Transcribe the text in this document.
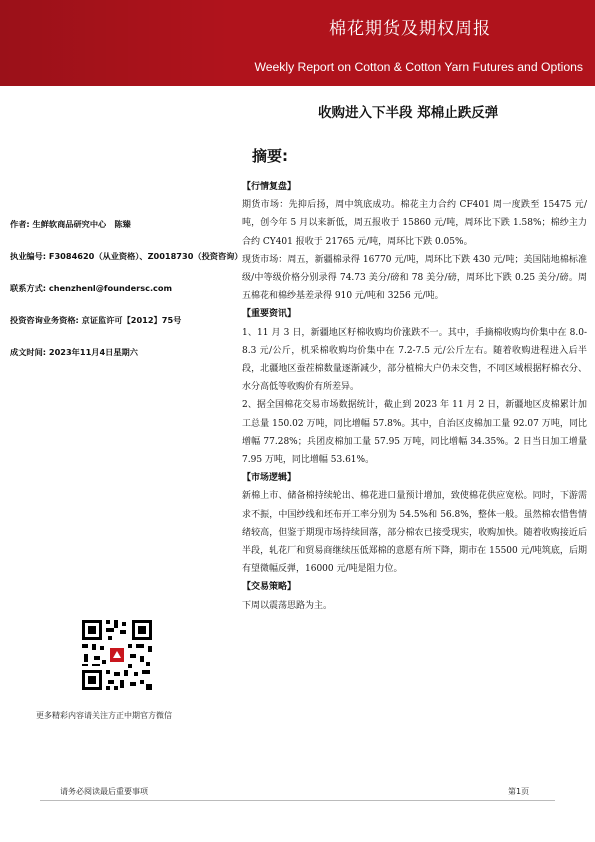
棉花期货及期权周报
Weekly Report on Cotton & Cotton Yarn Futures and Options
收购进入下半段 郑棉止跌反弹
摘要:
作者: 生鲜软商品研究中心　陈臻
执业编号: F3084620（从业资格）、Z0018730（投资咨询）
联系方式: chenzhenl@foundersc.com
投资咨询业务资格: 京证监许可【2012】75号
成文时间: 2023年11月4日星期六
更多精彩内容请关注方正中期官方微信
【行情复盘】
期货市场：先抑后扬，周中筑底成功。棉花主力合约 CF401 周一度跌至 15475 元/吨，创今年 5 月以来新低，周五报收于 15860 元/吨，周环比下跌 1.58%；棉纱主力合约 CY401 报收于 21765 元/吨，周环比下跌 0.05%。
现货市场：周五，新疆棉录得 16770 元/吨，周环比下跌 430 元/吨；美国陆地棉标准级/中等级价格分别录得 74.73 美分/磅和 78 美分/磅，周环比下跌 0.25 美分/磅。周五棉花和棉纱基差录得 910 元/吨和 3256 元/吨。
【重要资讯】
1、11 月 3 日，新疆地区籽棉收购均价涨跌不一。其中，手摘棉收购均价集中在 8.0-8.3 元/公斤，机采棉收购均价集中在 7.2-7.5 元/公斤左右。随着收购进程进入后半段，北疆地区蚕茬棉数量逐渐减少，部分植棉大户仍未交售，不同区域根据籽棉衣分、水分高低等收购价有所差异。
2、据全国棉花交易市场数据统计，截止到 2023 年 11 月 2 日，新疆地区皮棉累计加工总量 150.02 万吨，同比增幅 57.8%。其中，自治区皮棉加工量 92.07 万吨，同比增幅 77.28%；兵团皮棉加工量 57.95 万吨，同比增幅 34.35%。2 日当日加工增量 7.95 万吨，同比增幅 53.61%。
【市场逻辑】
新棉上市、储备棉持续轮出、棉花进口量预计增加，致使棉花供应宽松。同时，下游需求不振，中国纱线和坯布开工率分别为 54.5%和 56.8%，整体一般。虽然棉农惜售情绪较高，但鉴于期现市场持续回落，部分棉农已接受现实，收购加快。随着收购接近后半段，轧花厂和贸易商继续压低郑棉的意愿有所下降，期市在 15500 元/吨筑底，后期有望微幅反弹，16000 元/吨是阻力位。
【交易策略】
下周以震荡思路为主。
请务必阅读最后重要事项	第1页
